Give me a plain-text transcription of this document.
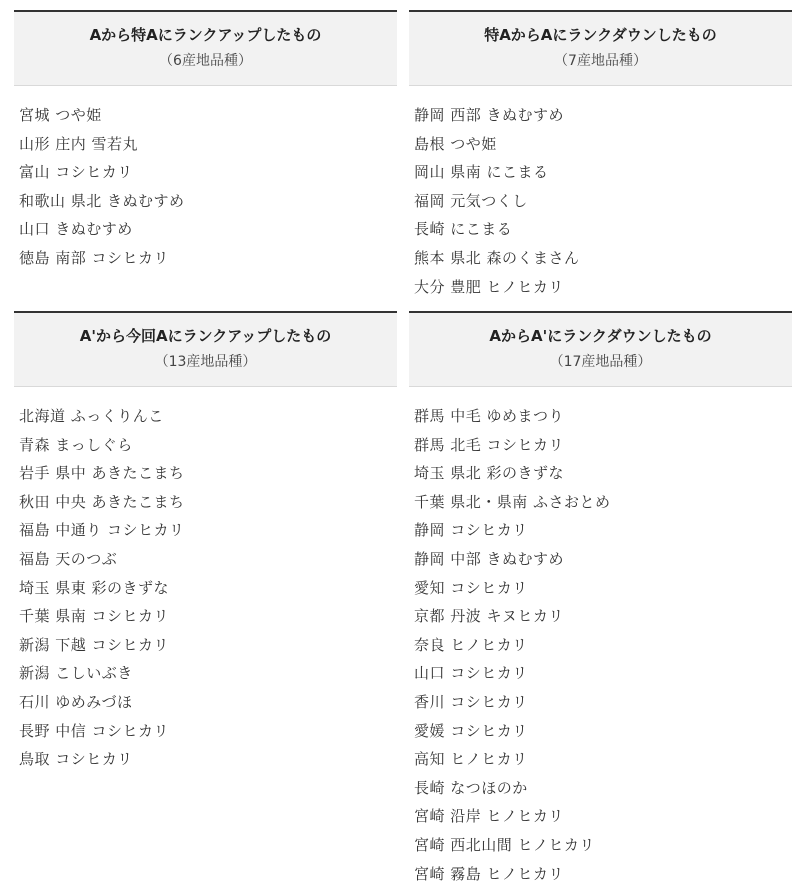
Aから特Aにランクアップしたもの
（6産地品種）
宮城 つや姫
山形 庄内 雪若丸
富山 コシヒカリ
和歌山 県北 きぬむすめ
山口 きぬむすめ
徳島 南部 コシヒカリ
特AからAにランクダウンしたもの
（7産地品種）
静岡 西部 きぬむすめ
島根 つや姫
岡山 県南 にこまる
福岡 元気つくし
長崎 にこまる
熊本 県北 森のくまさん
大分 豊肥 ヒノヒカリ
A'から今回Aにランクアップしたもの
（13産地品種）
北海道 ふっくりんこ
青森 まっしぐら
岩手 県中 あきたこまち
秋田 中央 あきたこまち
福島 中通り コシヒカリ
福島 天のつぶ
埼玉 県東 彩のきずな
千葉 県南 コシヒカリ
新潟 下越 コシヒカリ
新潟 こしいぶき
石川 ゆめみづほ
長野 中信 コシヒカリ
鳥取 コシヒカリ
AからA'にランクダウンしたもの
（17産地品種）
群馬 中毛 ゆめまつり
群馬 北毛 コシヒカリ
埼玉 県北 彩のきずな
千葉 県北・県南 ふさおとめ
静岡 コシヒカリ
静岡 中部 きぬむすめ
愛知 コシヒカリ
京都 丹波 キヌヒカリ
奈良 ヒノヒカリ
山口 コシヒカリ
香川 コシヒカリ
愛媛 コシヒカリ
高知 ヒノヒカリ
長崎 なつほのか
宮崎 沿岸 ヒノヒカリ
宮崎 西北山間 ヒノヒカリ
宮崎 霧島 ヒノヒカリ
